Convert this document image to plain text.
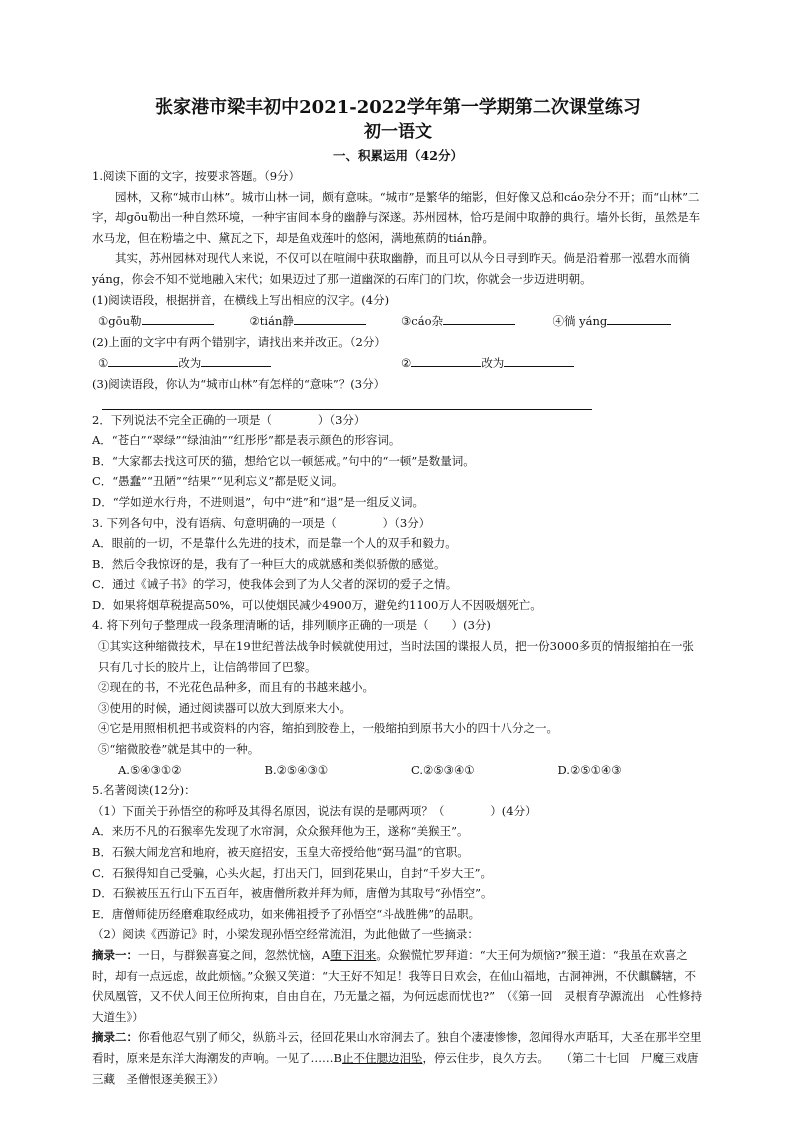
张家港市梁丰初中2021-2022学年第一学期第二次课堂练习

初一语文

一、积累运用（42分）

1.阅读下面的文字，按要求答题。（9分）

园林，又称“城市山林”。城市山林一词，颇有意味。“城市”是繁华的缩影，但好像又总和cáo杂分不开；而“山林”二字，却gōu勒出一种自然环境，一种宇宙间本身的幽静与深遂。苏州园林，恰巧是闹中取静的典行。墙外长街，虽然是车水马龙，但在粉墙之中、黛瓦之下，却是鱼戏莲叶的悠闲，满地蕉荫的tián静。

其实，苏州园林对现代人来说，不仅可以在喧闹中获取幽静，而且可以从今日寻到昨天。倘是沿着那一泓碧水而徜yáng，你会不知不觉地融入宋代；如果迈过了那一道幽深的石库门的门坎，你就会一步迈进明朝。

(1)阅读语段，根据拼音，在横线上写出相应的汉字。(4分)

①gōu勒	②tián静	③cáo杂	④徜 yáng

(2)上面的文字中有两个错别字，请找出来并改正。（2分）

①	改为	②	改为

(3)阅读语段，你认为“城市山林”有怎样的“意味”？(3分）

2．下列说法不完全正确的一项是（　　　　）（3分）

A．“苍白”“翠绿”“绿油油”“红彤彤”都是表示颜色的形容词。

B．“大家都去找这可厌的猫，想给它以一顿惩戒。”句中的“一顿”是数量词。

C．“愚蠢”“丑陋”“结果”“见利忘义”都是贬义词。

D．“学如逆水行舟，不进则退”，句中“进”和“退”是一组反义词。

3. 下列各句中，没有语病、句意明确的一项是（　　　　）（3分）

A．眼前的一切，不是靠什么先进的技术，而是靠一个人的双手和毅力。

B．然后令我惊讶的是，我有了一种巨大的成就感和类似骄傲的感觉。

C．通过《诫子书》的学习，使我体会到了为人父者的深切的爱子之情。

D．如果将烟草税提高50%，可以使烟民减少4900万，避免约1100万人不因吸烟死亡。

4. 将下列句子整理成一段条理清晰的话，排列顺序正确的一项是（　　）(3分)

①其实这种缩微技术，早在19世纪普法战争时候就使用过，当时法国的谍报人员，把一份3000多页的情报缩拍在一张只有几寸长的胶片上，让信鸽带回了巴黎。

②现在的书，不光花色品种多，而且有的书越来越小。

③使用的时候，通过阅读器可以放大到原来大小。

④它是用照相机把书或资料的内容，缩拍到胶卷上，一般缩拍到原书大小的四十八分之一。

⑤“缩微胶卷”就是其中的一种。

A.⑤④③①②	B.②⑤④③①	C.②⑤③④①	D.②⑤①④③

5.名著阅读(12分)：

（1）下面关于孙悟空的称呼及其得名原因，说法有误的是哪两项？（　　　　）(4分）

A．来历不凡的石猴率先发现了水帘洞，众众猴拜他为王，遂称“美猴王”。

B．石猴大闹龙宫和地府，被天庭招安，玉皇大帝授给他“弼马温”的官职。

C．石猴得知自己受骗，心头火起，打出天门，回到花果山，自封“千岁大王”。

D．石猴被压五行山下五百年，被唐僧所救并拜为师，唐僧为其取号“孙悟空”。

E．唐僧师徒历经磨难取经成功，如来佛祖授予了孙悟空“斗战胜佛”的品职。

（2）阅读《西游记》时，小梁发现孙悟空经常流泪，为此他做了一些摘录：

摘录一：一日，与群猴喜宴之间，忽然忧恼，A堕下泪来。众猴慌忙罗拜道：“大王何为烦恼?”猴王道：“我虽在欢喜之时，却有一点远虑，故此烦恼。”众猴又笑道：“大王好不知足！我等日日欢会，在仙山福地，古洞神洲，不伏麒麟辖，不伏凤凰管，又不伏人间王位所拘束，自由自在，乃无量之福，为何远虑而忧也?”　（《第一回　灵根育孕源流出　心性修持大道生》）

摘录二：你看他忍气别了师父，纵筋斗云，径回花果山水帘洞去了。独自个凄凄惨惨，忽闻得水声聒耳，大圣在那半空里看时，原来是东洋大海潮发的声响。一见了……B止不住腮边泪坠，停云住步，良久方去。　　（第二十七回　尸魔三戏唐三藏　圣僧恨逐美猴王》）
